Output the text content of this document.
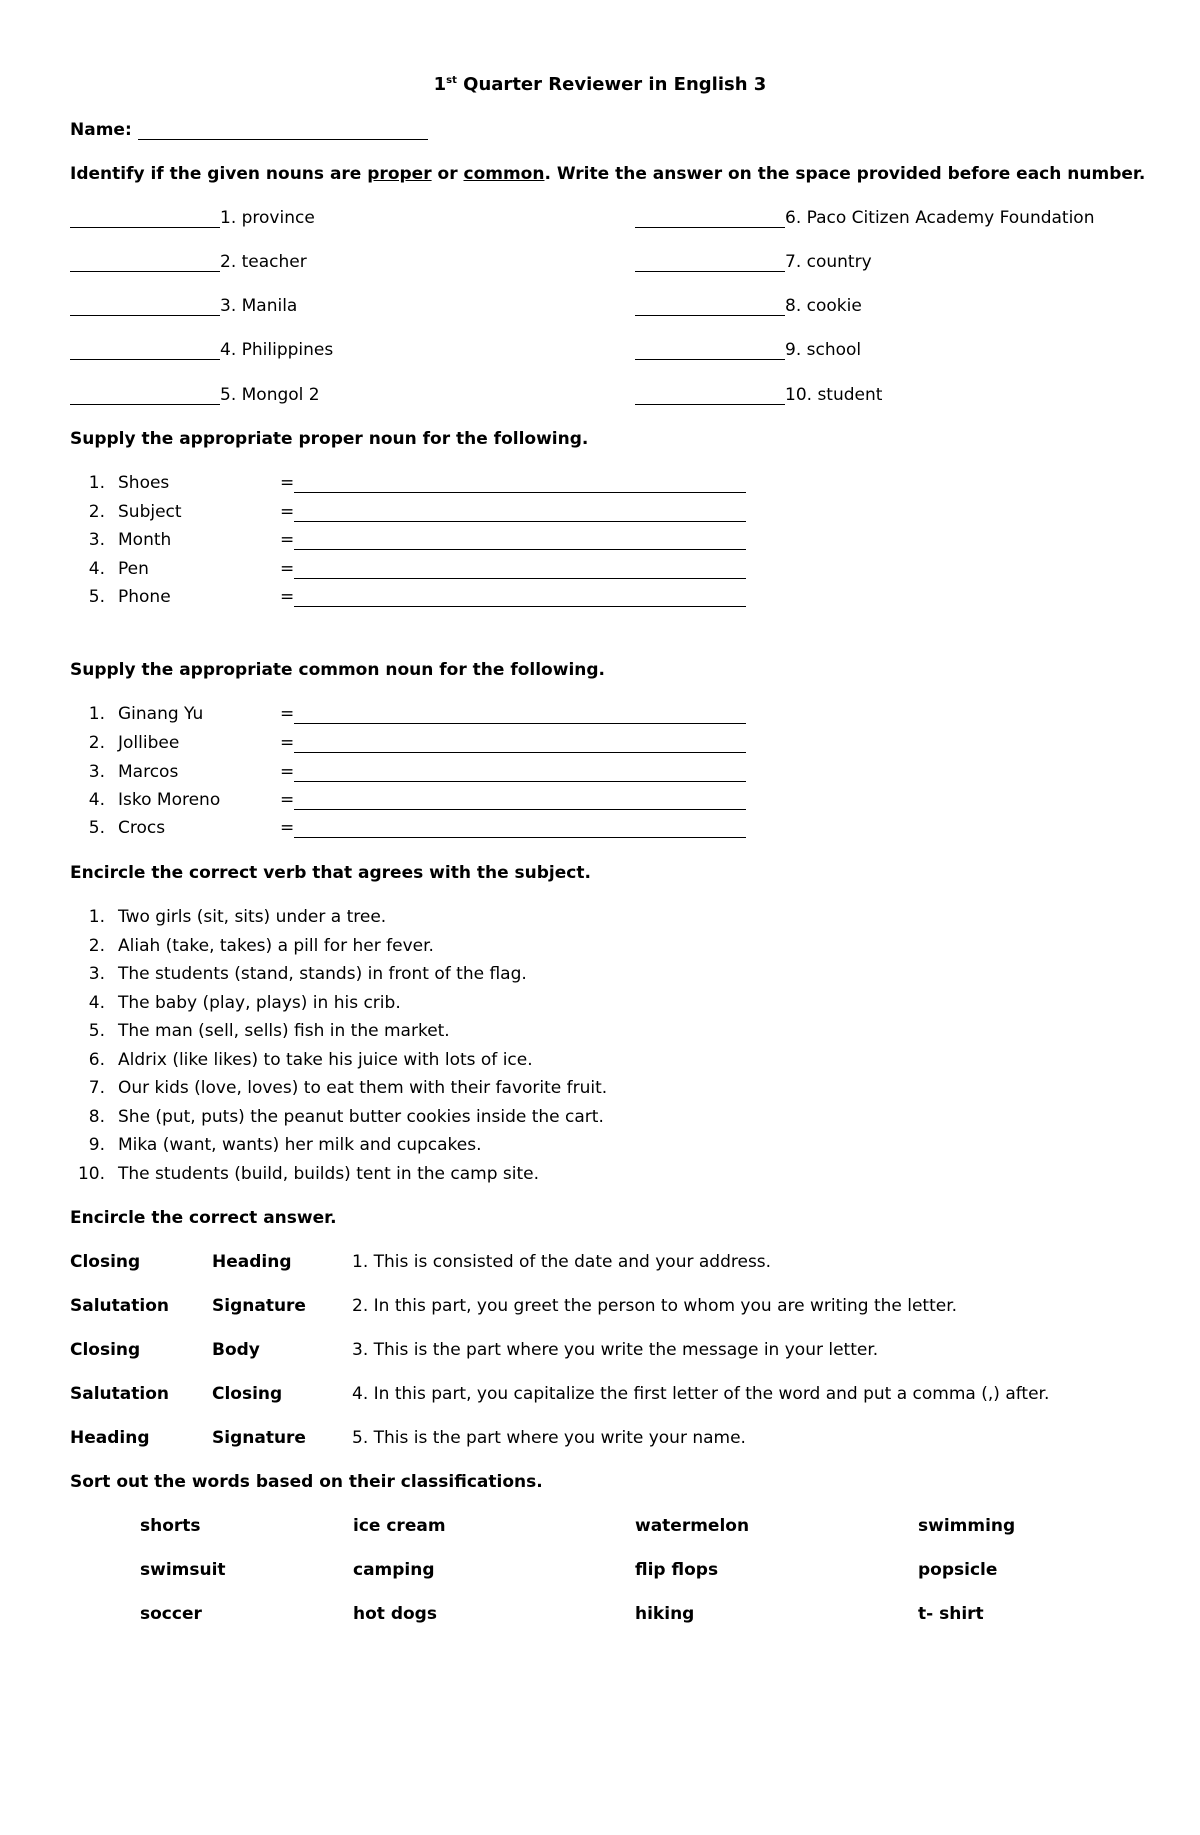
1st Quarter Reviewer in English 3
Name:
Identify if the given nouns are proper or common. Write the answer on the space provided before each number.
1. province
2. teacher
3. Manila
4. Philippines
5. Mongol 2
6. Paco Citizen Academy Foundation
7. country
8. cookie
9. school
10. student
Supply the appropriate proper noun for the following.
1. Shoes	=
2. Subject	=
3. Month	=
4. Pen	=
5. Phone	=
Supply the appropriate common noun for the following.
1. Ginang Yu	=
2. Jollibee	=
3. Marcos	=
4. Isko Moreno	=
5. Crocs	=
Encircle the correct verb that agrees with the subject.
1. Two girls (sit, sits) under a tree.
2. Aliah (take, takes) a pill for her fever.
3. The students (stand, stands) in front of the flag.
4. The baby (play, plays) in his crib.
5. The man (sell, sells) fish in the market.
6. Aldrix (like likes) to take his juice with lots of ice.
7. Our kids (love, loves) to eat them with their favorite fruit.
8. She (put, puts) the peanut butter cookies inside the cart.
9. Mika (want, wants) her milk and cupcakes.
10. The students (build, builds) tent in the camp site.
Encircle the correct answer.
Closing	Heading	1. This is consisted of the date and your address.
Salutation	Signature	2. In this part, you greet the person to whom you are writing the letter.
Closing	Body	3. This is the part where you write the message in your letter.
Salutation	Closing	4. In this part, you capitalize the first letter of the word and put a comma (,) after.
Heading	Signature	5. This is the part where you write your name.
Sort out the words based on their classifications.
shorts	ice cream	watermelon	swimming
swimsuit	camping	flip flops	popsicle
soccer	hot dogs	hiking	t- shirt
